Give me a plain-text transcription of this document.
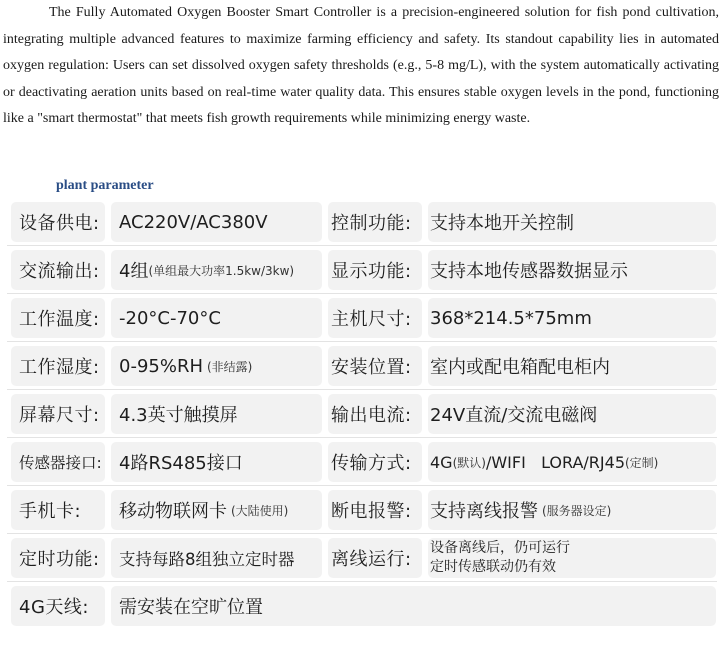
The Fully Automated Oxygen Booster Smart Controller is a precision-engineered solution for fish pond cultivation, integrating multiple advanced features to maximize farming efficiency and safety. Its standout capability lies in automated oxygen regulation: Users can set dissolved oxygen safety thresholds (e.g., 5-8 mg/L), with the system automatically activating or deactivating aeration units based on real-time water quality data. This ensures stable oxygen levels in the pond, functioning like a "smart thermostat" that meets fish growth requirements while minimizing energy waste.

plant parameter
设备供电: AC220V/AC380V	控制功能: 支持本地开关控制
交流输出: 4组 (单组最大功率1.5kw/3kw) 显示功能: 支持本地传感器数据显示
工作温度: -20°C-70°C	主机尺寸: 368*214.5*75mm
工作湿度: 0-95%RH (非结露)	安装位置: 室内或配电箱配电柜内
屏幕尺寸: 4.3英寸触摸屏	输出电流: 24V直流/交流电磁阀
传感器接口: 4路RS485接口	传输方式: 4G (默认) /WIFI   LORA/RJ45 (定制)
手机卡: 移动物联网卡 (大陆使用) 断电报警: 支持离线报警 (服务器设定)
定时功能: 支持每路8组独立定时器 离线运行:
设备离线后，仍可运行
定时传感联动仍有效
4G天线: 需安装在空旷位置
